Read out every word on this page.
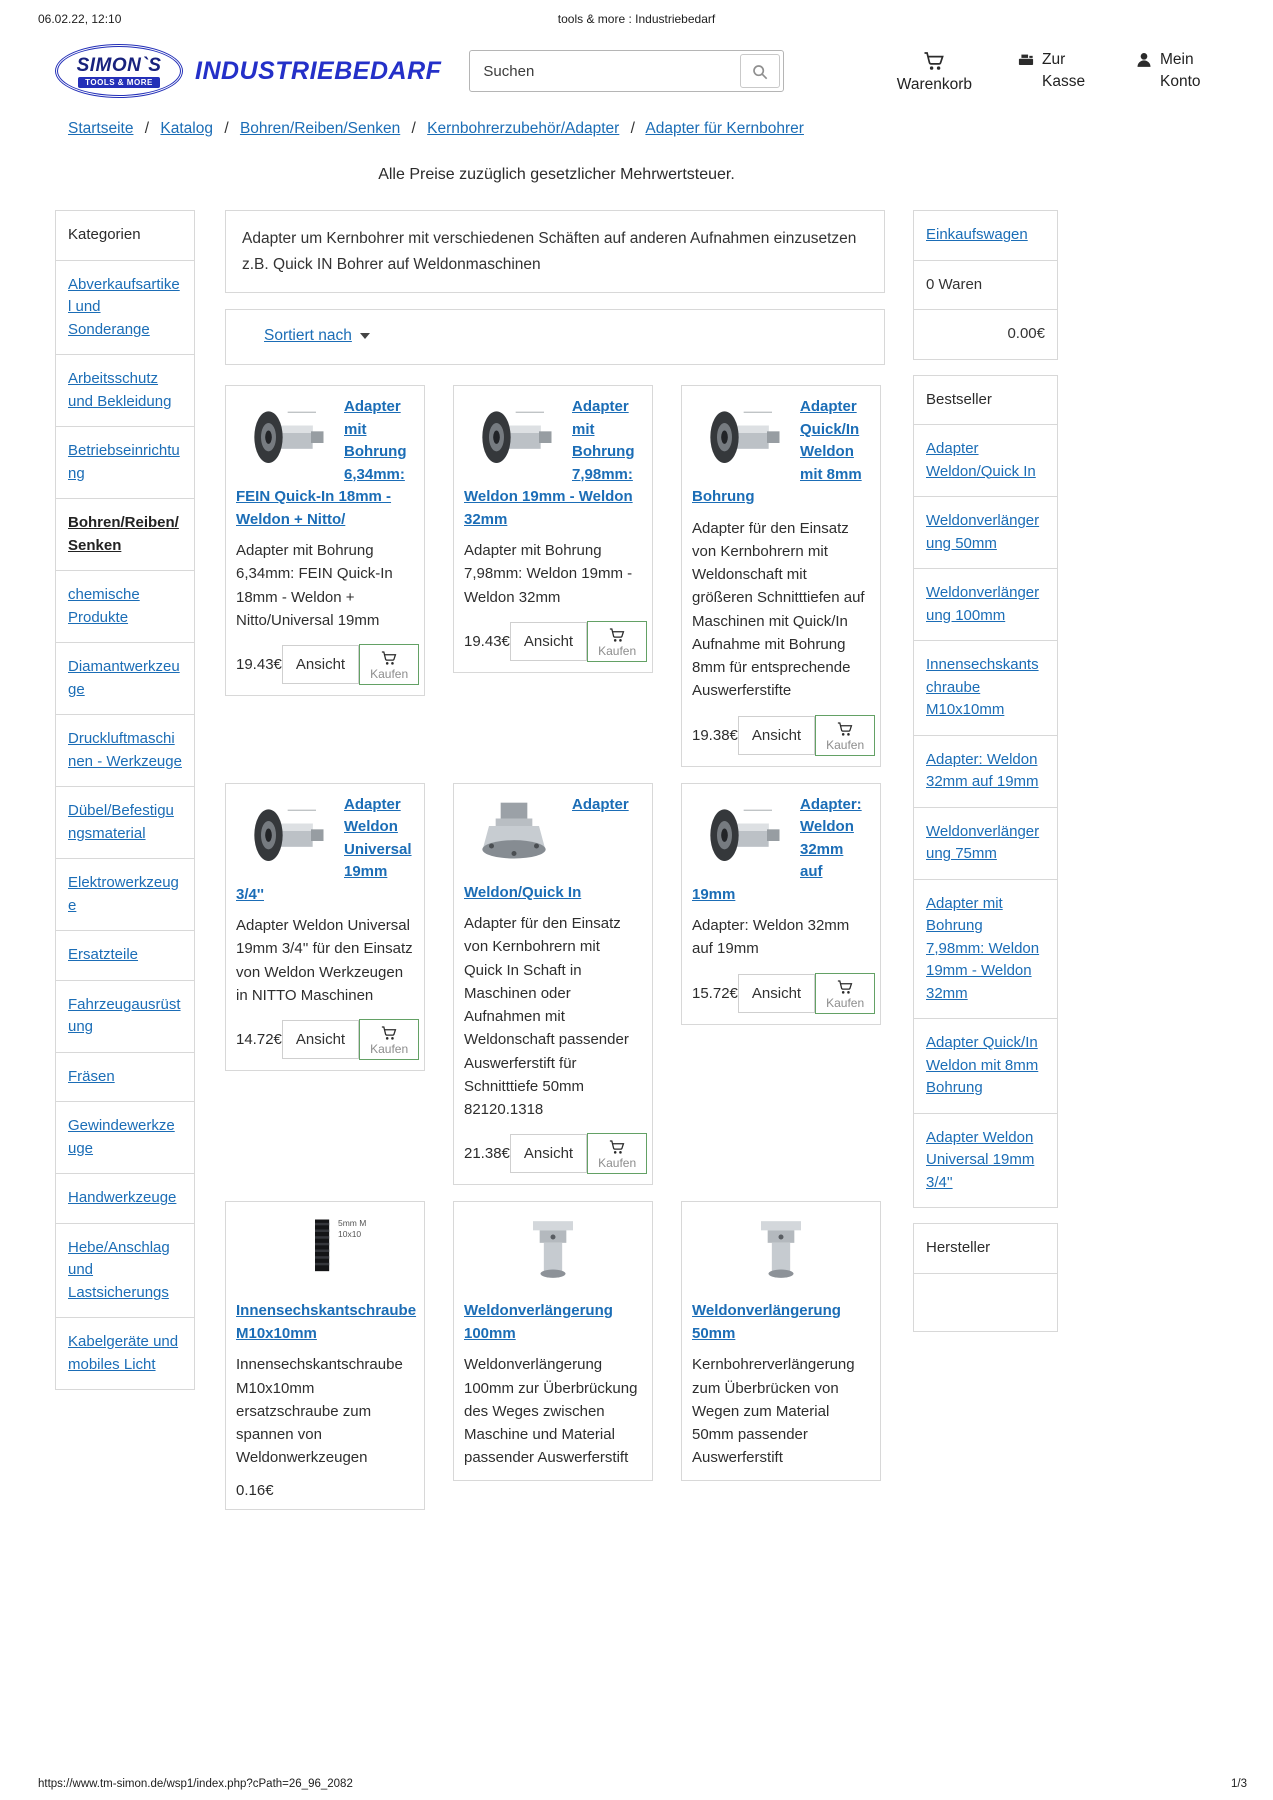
06.02.22, 12:10	tools & more : Industriebedarf
SIMON`S
TOOLS & MORE INDUSTRIEBEDARF
Suchen	Warenkorb
Zur Kasse
Mein Konto
Startseite / Katalog / Bohren/Reiben/Senken / Kernbohrerzubehör/Adapter / Adapter für Kernbohrer
Alle Preise zuzüglich gesetzlicher Mehrwertsteuer.
Kategorien
Abverkaufsartikel und Sonderange
Arbeitsschutz und Bekleidung
Betriebseinrichtung
Bohren/Reiben/Senken
chemische Produkte
Diamantwerkzeuge
Druckluftmaschinen - Werkzeuge
Dübel/Befestigungsmaterial
Elektrowerkzeuge
Ersatzteile
Fahrzeugausrüstung
Fräsen
Gewindewerkzeuge
Handwerkzeuge
Hebe/Anschlag und Lastsicherungs
Kabelgeräte und mobiles Licht
Adapter um Kernbohrer mit verschiedenen Schäften auf anderen Aufnahmen einzusetzen z.B. Quick IN Bohrer auf Weldonmaschinen
Sortiert nach
Adapter mit Bohrung 6,34mm: FEIN Quick-In 18mm - Weldon + Nitto/

Adapter mit Bohrung 6,34mm: FEIN Quick-In 18mm - Weldon + Nitto/Universal 19mm

19.43€ Ansicht
Kaufen
Adapter mit Bohrung 7,98mm: Weldon 19mm - Weldon 32mm

Adapter mit Bohrung 7,98mm: Weldon 19mm - Weldon 32mm

19.43€ Ansicht
Kaufen
Adapter Quick/In Weldon mit 8mm Bohrung

Adapter für den Einsatz von Kernbohrern mit Weldonschaft mit größeren Schnitttiefen auf Maschinen mit Quick/In Aufnahme mit Bohrung 8mm für entsprechende Auswerferstifte

19.38€ Ansicht
Kaufen
Adapter Weldon Universal 19mm 3/4''

Adapter Weldon Universal 19mm 3/4'' für den Einsatz von Weldon Werkzeugen in NITTO Maschinen

14.72€ Ansicht
Kaufen
Adapter Weldon/Quick In

Adapter für den Einsatz von Kernbohrern mit Quick In Schaft in Maschinen oder Aufnahmen mit Weldonschaft passender Auswerferstift für Schnitttiefe 50mm 82120.1318

21.38€ Ansicht
Kaufen
Adapter: Weldon 32mm auf 19mm

Adapter: Weldon 32mm auf 19mm

15.72€ Ansicht
Kaufen
5mm M 10x10
Innensechskantschraube M10x10mm

Innensechskantschraube M10x10mm ersatzschraube zum spannen von Weldonwerkzeugen

0.16€
Weldonverlängerung 100mm

Weldonverlängerung 100mm zur Überbrückung des Weges zwischen Maschine und Material passender Auswerferstift

Weldonverlängerung 50mm

Kernbohrerverlängerung zum Überbrücken von Wegen zum Material 50mm passender Auswerferstift

Einkaufswagen
0 Waren
0.00€
Bestseller
Adapter Weldon/Quick In
Weldonverlängerung 50mm
Weldonverlängerung 100mm
Innensechskantschraube M10x10mm
Adapter: Weldon 32mm auf 19mm
Weldonverlängerung 75mm
Adapter mit Bohrung 7,98mm: Weldon 19mm - Weldon 32mm
Adapter Quick/In Weldon mit 8mm Bohrung
Adapter Weldon Universal 19mm 3/4''
Hersteller
https://www.tm-simon.de/wsp1/index.php?cPath=26_96_2082	1/3
